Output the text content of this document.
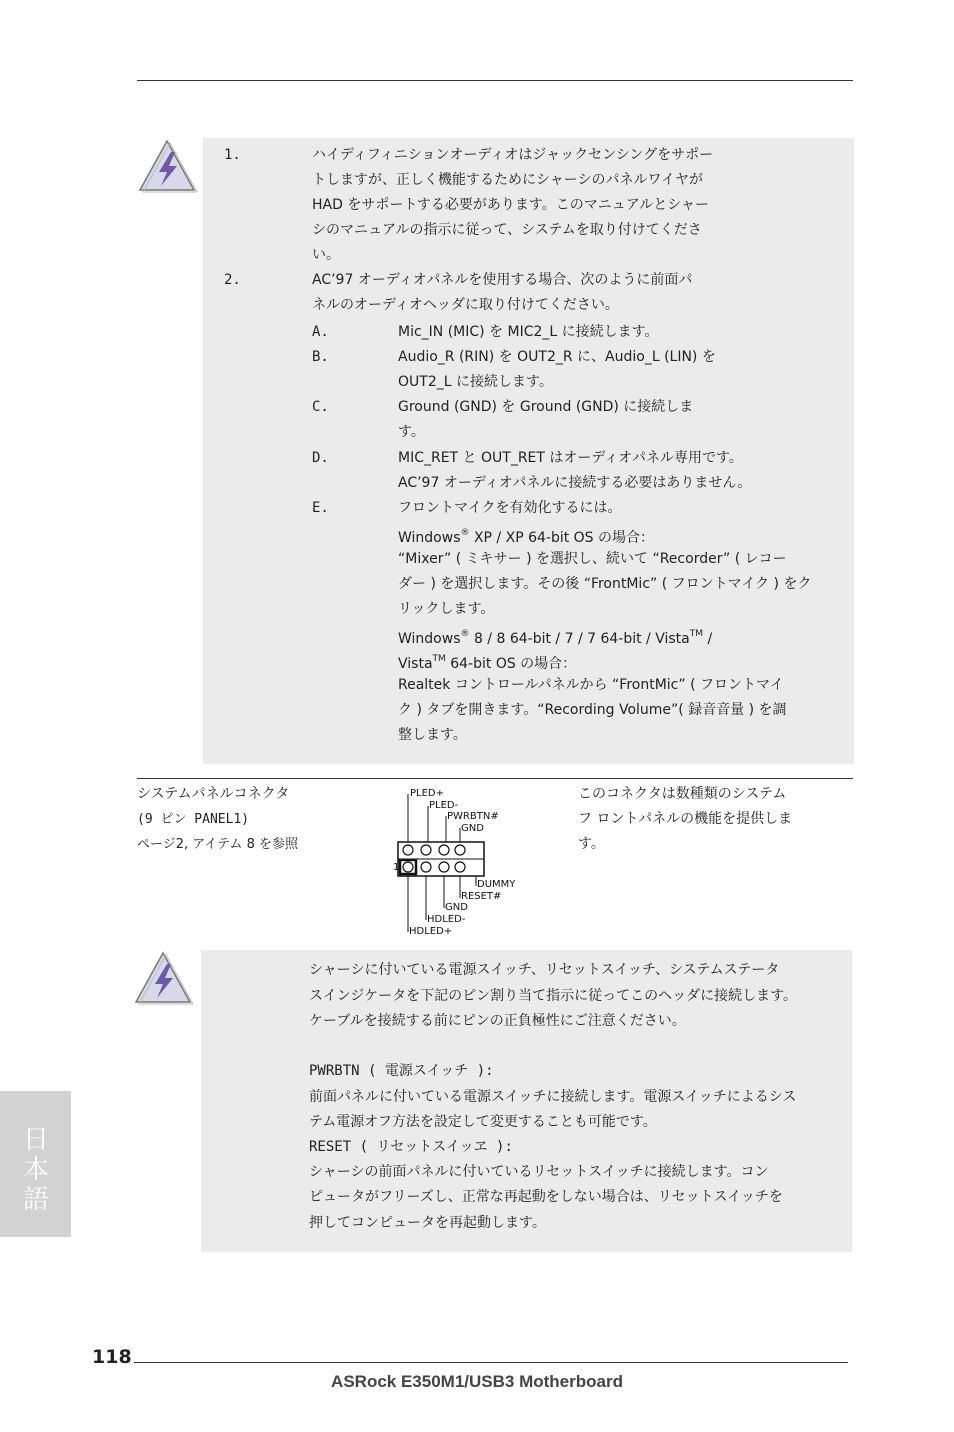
1.	ハイディフィニションオーディオはジャックセンシングをサポー
トしますが、正しく機能するためにシャーシのパネルワイヤが
HAD をサポートする必要があります。このマニュアルとシャー
シのマニュアルの指示に従って、システムを取り付けてくださ
い。
2.	AC’97 オーディオパネルを使用する場合、次のように前面パ
ネルのオーディオヘッダに取り付けてください。
A.	Mic_IN (MIC) を MIC2_L に接続します。
B.	Audio_R (RIN) を OUT2_R に、Audio_L (LIN) を
OUT2_L に接続します。
C.	Ground (GND) を Ground (GND) に接続しま
す。
D.	MIC_RET と OUT_RET はオーディオパネル専用です。
AC’97 オーディオパネルに接続する必要はありません。
E.	フロントマイクを有効化するには。
Windows® XP / XP 64-bit OS の場合：
“Mixer” ( ミキサー ) を選択し、続いて “Recorder” ( レコー
ダー ) を選択します。その後 “FrontMic” ( フロントマイク ) をク
リックします。
Windows® 8 / 8 64-bit / 7 / 7 64-bit / Vista™ /
Vista™ 64-bit OS の場合：
Realtek コントロールパネルから “FrontMic” ( フロントマイ
ク ) タブを開きます。“Recording Volume”( 録音音量 ) を調
整します。
システムパネルコネクタ
(9 ピン PANEL1)
ページ2, アイテム 8 を参照
このコネクタは数種類のシステム
フ ロントパネルの機能を提供しま
す。
PLED+
PLED-
PWRBTN#
GND
1
DUMMY
RESET#
GND
HDLED-
HDLED+
シャーシに付いている電源スイッチ、リセットスイッチ、システムステータ
スインジケータを下記のピン割り当て指示に従ってこのヘッダに接続します。
ケーブルを接続する前にピンの正負極性にご注意ください。
PWRBTN ( 電源スイッチ ):
前面パネルに付いている電源スイッチに接続します。電源スイッチによるシス
テム電源オフ方法を設定して変更することも可能です。
RESET ( リセットスイッヱ ):
シャーシの前面パネルに付いているリセットスイッチに接続します。コン
ピュータがフリーズし、正常な再起動をしない場合は、リセットスイッチを
押してコンピュータを再起動します。
日本語
118
ASRock E350M1/USB3 Motherboard
